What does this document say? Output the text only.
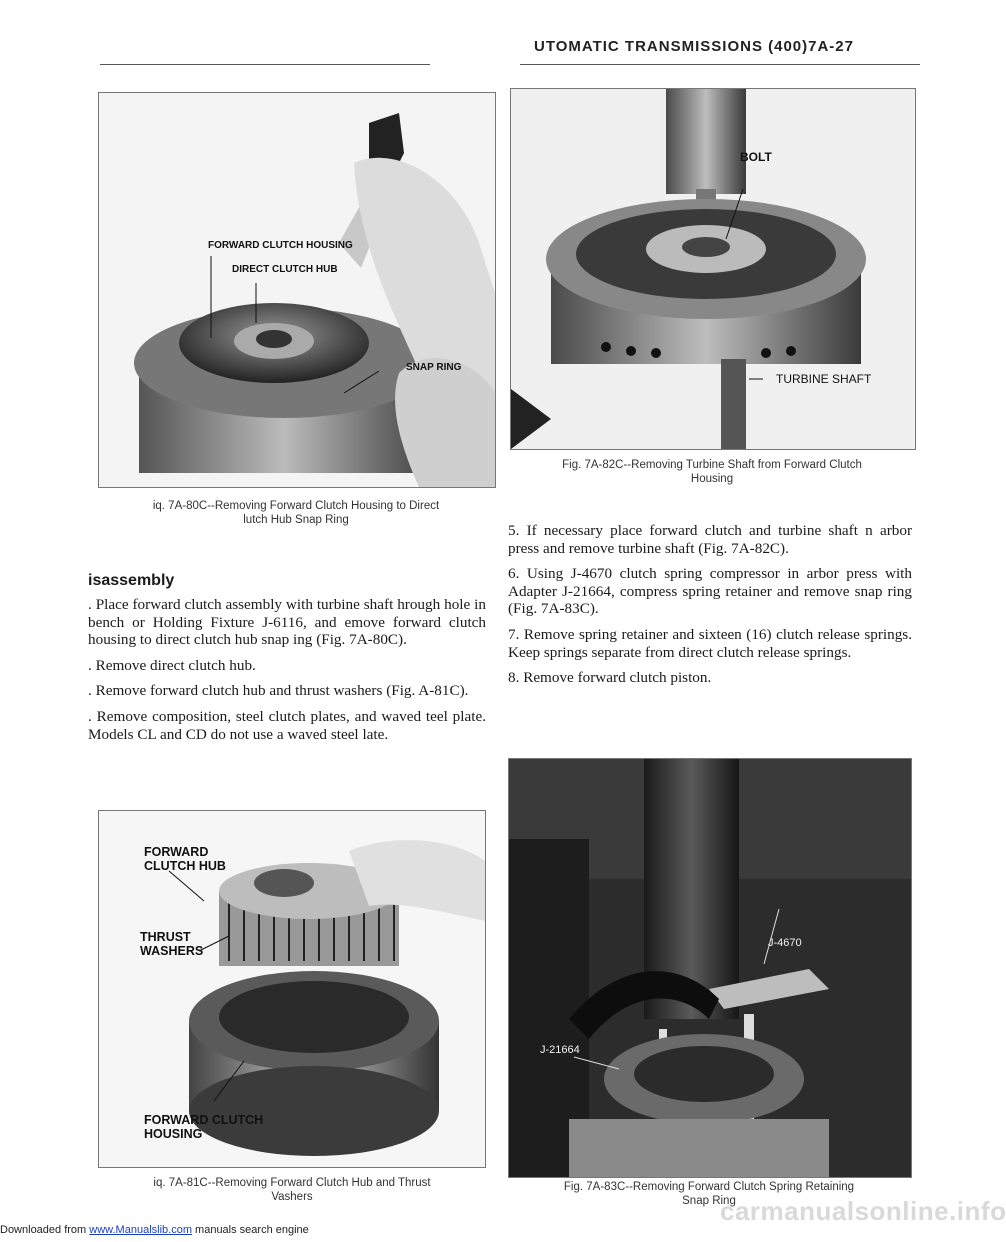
UTOMATIC TRANSMISSIONS (400)7A-27
FORWARD CLUTCH HOUSING
DIRECT CLUTCH HUB
SNAP RING
iq. 7A-80C--Removing Forward Clutch Housing to Direct
lutch Hub Snap Ring
isassembly

. Place forward clutch assembly with turbine shaft hrough hole in bench or Holding Fixture J-6116, and emove forward clutch housing to direct clutch hub snap ing (Fig. 7A-80C).

. Remove direct clutch hub.

. Remove forward clutch hub and thrust washers (Fig. A-81C).

. Remove composition, steel clutch plates, and waved teel plate. Models CL and CD do not use a waved steel late.

FORWARD
CLUTCH HUB
THRUST
WASHERS
FORWARD CLUTCH
HOUSING
iq. 7A-81C--Removing Forward Clutch Hub and Thrust
Vashers
BOLT
TURBINE SHAFT
Fig. 7A-82C--Removing Turbine Shaft from Forward Clutch
Housing

5. If necessary place forward clutch and turbine shaft n arbor press and remove turbine shaft (Fig. 7A-82C).

6. Using J-4670 clutch spring compressor in arbor press with Adapter J-21664, compress spring retainer and remove snap ring (Fig. 7A-83C).

7. Remove spring retainer and sixteen (16) clutch release springs. Keep springs separate from direct clutch release springs.

8. Remove forward clutch piston.

J-4670
J-21664
Fig. 7A-83C--Removing Forward Clutch Spring Retaining
Snap Ring
carmanualsonline.info
Downloaded from www.Manualslib.com manuals search engine
